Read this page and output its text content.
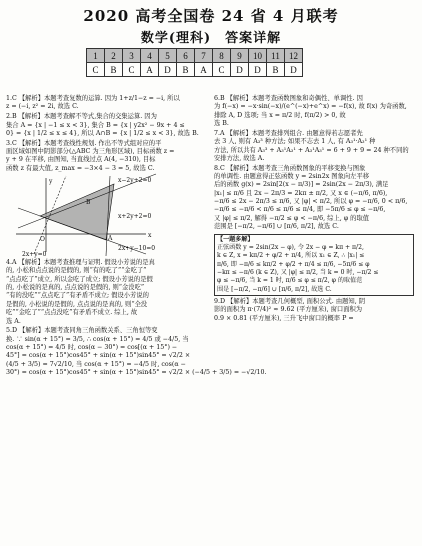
2020 高考全国卷 24 省 4 月联考
数学(理科)　答案详解
1	2	3	4	5	6	7	8	9	10	11	12
C	B	C	A	D	B	A	C	D	D	B	D
1.C 【解析】本题考查复数的运算. 因为 1+z/1−z = −i, 所以
z = (−i, z² = 2i, 故选 C.
2.B 【解析】本题考查解不等式,集合的交集运算. 因为
集合 A = {x | −1 ≤ x < 3}, 集合 B = {x | y2x² − 9x + 4 ≤
0} = {x | 1/2 ≤ x ≤ 4}, 所以 A∩B = {x | 1/2 ≤ x < 3}, 故选 B.
3.C 【解析】本题考查线性规划. 作出不等式组对应的平
面区域如图中阴影部分(△ABC 为三角形区域), 目标函数 z =
y + 9 在平移, 由图知, 当直线过点 A(4, −310), 目标
函数 z 有最大值, z_max = −3×4 − 3 = 5, 故选 C.
x−2y+2=0
x+2y+2=0
2x+y−10=0
A
B
O
x
y
2x+y=0
4.A 【解析】本题考查推理与证明. 假设小芳说的是真
的, 小松和点点说的是假的, 则“有的吃了”“金吃了”
“点点吃了”成立, 所以金吃了成立; 假设小芳说的是假
的, 小松说的是真的, 点点说的是假的, 则“金没吃”
“有的没吃”“点点吃了”有矛盾不成立; 假设小芳说的
是假的, 小松说的是假的, 点点说的是真的, 则“全没
吃”“金吃了”“点点没吃”有矛盾不成立. 综上, 故
选 A.
5.D 【解析】本题考查同角三角函数关系、三角恒等变
换. ∵ sin(α + 15°) = 3/5, ∴ cos(α + 15°) = 4/5 或 −4/5, 当
cos(α + 15°) = 4/5 时, cos(α − 30°) = cos[(α + 15°) −
45°] = cos(α + 15°)cos45° + sin(α + 15°)sin45° = √2/2 ×
(4/5 + 3/5) = 7√2/10, 当 cos(α + 15°) = −4/5 时, cos(α −
30°) = cos(α + 15°)cos45° + sin(α + 15°)sin45° = √2/2 × (−4/5 + 3/5) = −√2/10.
6.B 【解析】本题考查函数图象和奇偶性、单调性. 因
为 f(−x) = −x·sin(−x)/(e^(−x)+e^x) = −f(x), 故 f(x) 为奇函数,
排除 A, D 选项; 当 x = π/2 时, f(π/2) > 0, 故
选 B.
7.A 【解析】本题考查排列组合. 由题意得若志愿者先
去 3 人, 则有 A₃³ 种方法; 如果不志去 1 人, 有 A₃¹·A₃¹ 种
方法, 所以共有 A₃³ + A₃¹A₃¹ + A₃¹A₃¹ = 6 + 9 + 9 = 24 种不同的
安排方法, 故选 A.
8.C 【解析】本题考查三角函数图象的平移变换与图象
的单调性. 由题意得正弦函数 y = 2sin2x 图象向左平移
后的函数 g(x) = 2sin[2(x − π/3)] = 2sin(2x − 2π/3), 满足
|x₁| ≤ π/6 且 2x − 2π/3 = 2kπ ± π/2, 又 x ∈ (−π/6, π/6),
−π/6 ≤ 2x − 2π/3 ≤ π/6, 又 |φ| < π/2, 所以 φ = −π/6, 0 < π/6,
−π/6 ≤ −π/6 < π/6 ≤ π/6 ≤ π/4, 即 −5π/6 ≤ φ ≤ −π/6,
又 |φ| ≤ π/2, 解得 −π/2 ≤ φ < −π/6, 综上, φ 的取值
范围是 [−π/2, −π/6] ∪ [π/6, π/2], 故选 C.
【一题多解】
正弦函数 y = 2sin(2x − φ), 令 2x − φ = kπ + π/2,
k ∈ Z, x = kπ/2 + φ/2 + π/4, 所以 x₁ ∈ Z, ∴ |x₁| ≤
π/6, 即 −π/6 ≤ kπ/2 + φ/2 + π/4 ≤ π/6, −5π/6 ≤ φ
−kπ ≤ −π/6 (k ∈ Z), 又 |φ| ≤ π/2, 当 k = 0 时, −π/2 ≤
φ ≤ −π/6, 当 k = 1 时, π/6 ≤ φ ≤ π/2, φ 的取值范
围是 [−π/2, −π/6] ∪ [π/6, π/2], 故选 C.
9.D 【解析】本题考查几何概型, 面积公式. 由题知, 阴
影的面积为 π·(7/4)² ≈ 9.62 (平方厘米), 窗口面积为
0.9 × 0.81 (平方厘米), 三升飞中窗口的概率 P =
